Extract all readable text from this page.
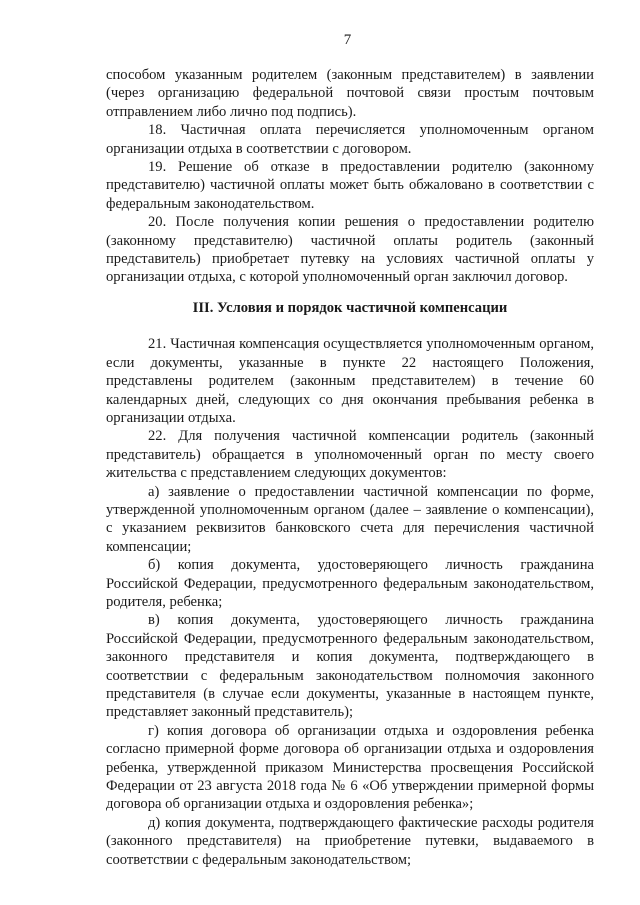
7

способом указанным родителем (законным представителем) в заявлении (через организацию федеральной почтовой связи простым почтовым отправлением либо лично под подпись).

18. Частичная оплата перечисляется уполномоченным органом организации отдыха в соответствии с договором.

19. Решение об отказе в предоставлении родителю (законному представителю) частичной оплаты может быть обжаловано в соответствии с федеральным законодательством.

20. После получения копии решения о предоставлении родителю (законному представителю) частичной оплаты родитель (законный представитель) приобретает путевку на условиях частичной оплаты у организации отдыха, с которой уполномоченный орган заключил договор.

III. Условия и порядок частичной компенсации

21. Частичная компенсация осуществляется уполномоченным органом, если документы, указанные в пункте 22 настоящего Положения, представлены родителем (законным представителем) в течение 60 календарных дней, следующих со дня окончания пребывания ребенка в организации отдыха.

22. Для получения частичной компенсации родитель (законный представитель) обращается в уполномоченный орган по месту своего жительства с представлением следующих документов:

а) заявление о предоставлении частичной компенсации по форме, утвержденной уполномоченным органом (далее – заявление о компенсации), с указанием реквизитов банковского счета для перечисления частичной компенсации;

б) копия документа, удостоверяющего личность гражданина Российской Федерации, предусмотренного федеральным законодательством, родителя, ребенка;

в) копия документа, удостоверяющего личность гражданина Российской Федерации, предусмотренного федеральным законодательством, законного представителя и копия документа, подтверждающего в соответствии с федеральным законодательством полномочия законного представителя (в случае если документы, указанные в настоящем пункте, представляет законный представитель);

г) копия договора об организации отдыха и оздоровления ребенка согласно примерной форме договора об организации отдыха и оздоровления ребенка, утвержденной приказом Министерства просвещения Российской Федерации от 23 августа 2018 года № 6 «Об утверждении примерной формы договора об организации отдыха и оздоровления ребенка»;

д) копия документа, подтверждающего фактические расходы родителя (законного представителя) на приобретение путевки, выдаваемого в соответствии с федеральным законодательством;
